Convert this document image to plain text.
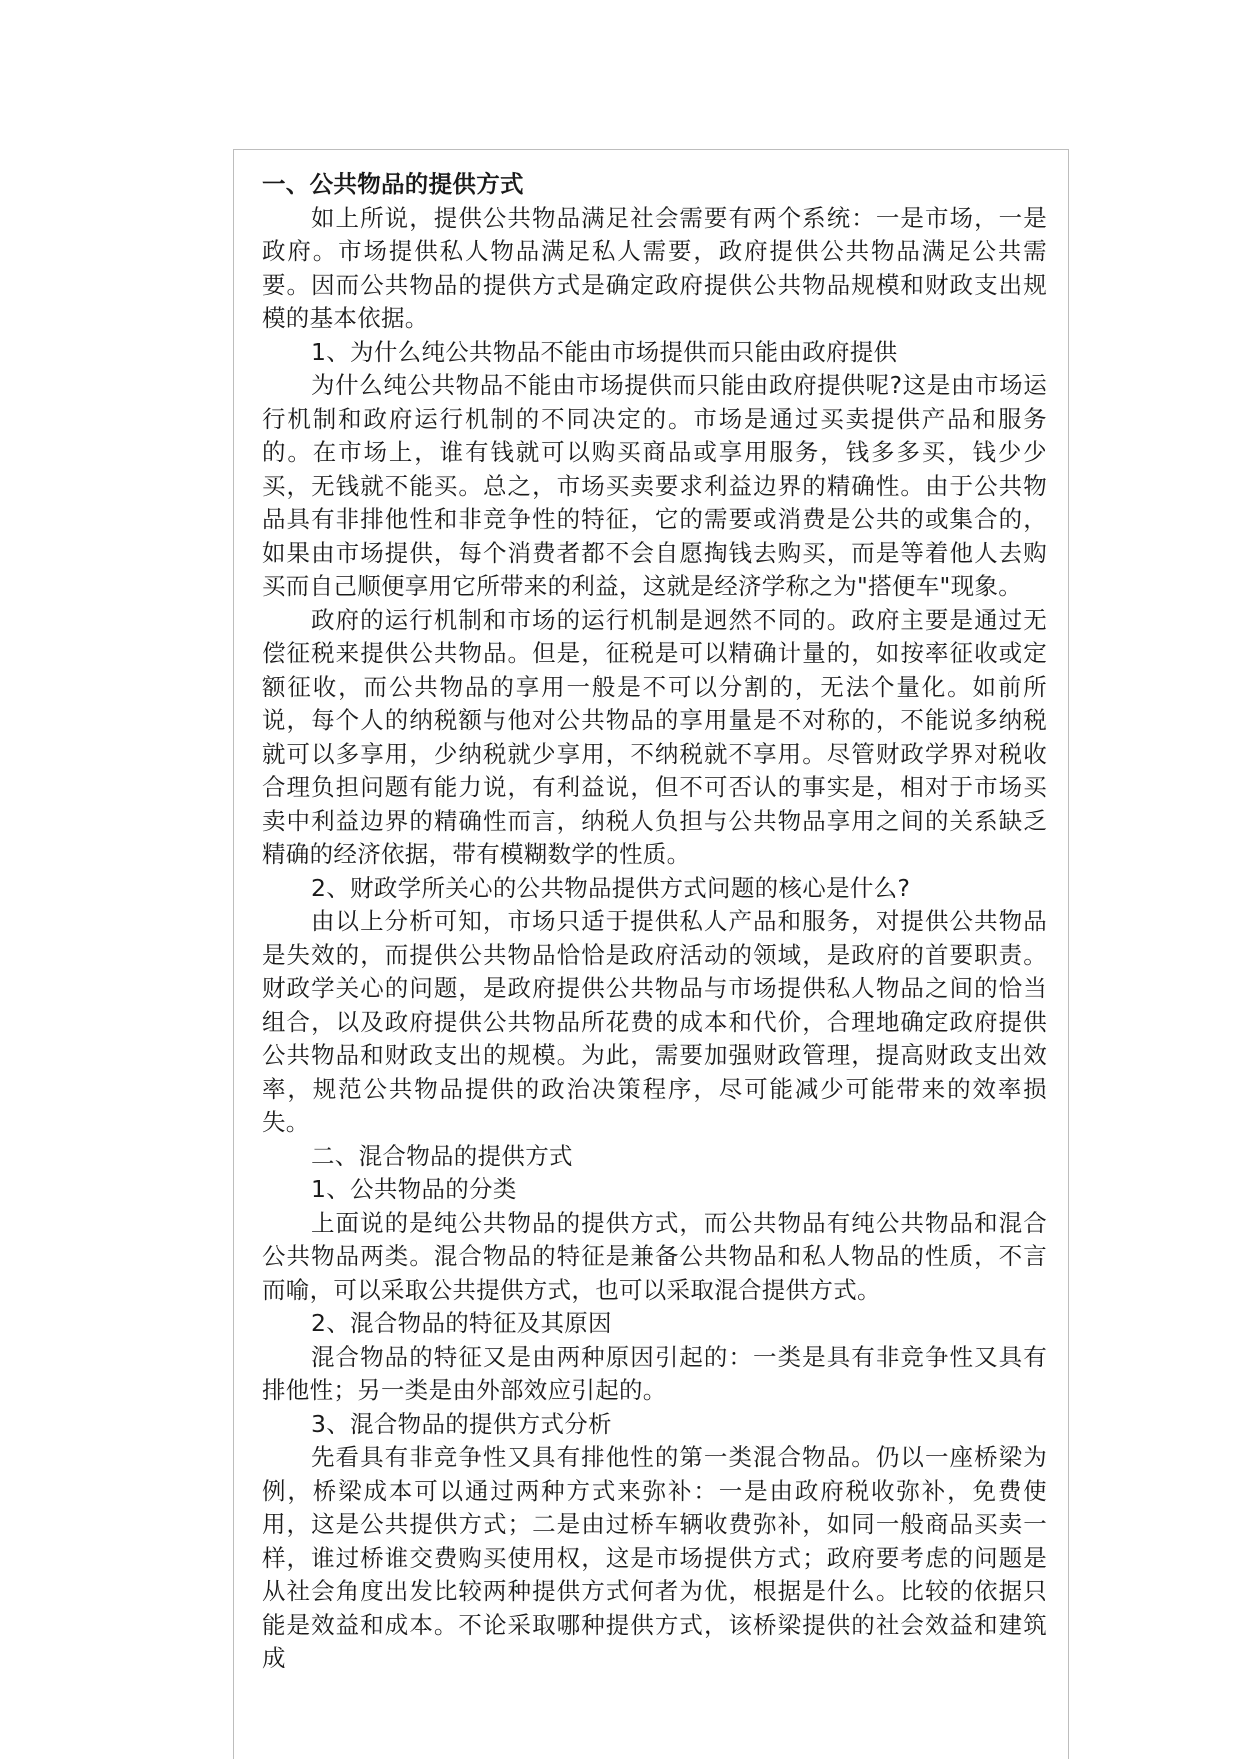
一、公共物品的提供方式

如上所说，提供公共物品满足社会需要有两个系统：一是市场，一是政府。市场提供私人物品满足私人需要，政府提供公共物品满足公共需要。因而公共物品的提供方式是确定政府提供公共物品规模和财政支出规模的基本依据。

1、为什么纯公共物品不能由市场提供而只能由政府提供

为什么纯公共物品不能由市场提供而只能由政府提供呢?这是由市场运行机制和政府运行机制的不同决定的。市场是通过买卖提供产品和服务的。在市场上，谁有钱就可以购买商品或享用服务，钱多多买，钱少少买，无钱就不能买。总之，市场买卖要求利益边界的精确性。由于公共物品具有非排他性和非竞争性的特征，它的需要或消费是公共的或集合的，如果由市场提供，每个消费者都不会自愿掏钱去购买，而是等着他人去购买而自己顺便享用它所带来的利益，这就是经济学称之为"搭便车"现象。

政府的运行机制和市场的运行机制是迥然不同的。政府主要是通过无偿征税来提供公共物品。但是，征税是可以精确计量的，如按率征收或定额征收，而公共物品的享用一般是不可以分割的，无法个量化。如前所说，每个人的纳税额与他对公共物品的享用量是不对称的，不能说多纳税就可以多享用，少纳税就少享用，不纳税就不享用。尽管财政学界对税收合理负担问题有能力说，有利益说，但不可否认的事实是，相对于市场买卖中利益边界的精确性而言，纳税人负担与公共物品享用之间的关系缺乏精确的经济依据，带有模糊数学的性质。

2、财政学所关心的公共物品提供方式问题的核心是什么?

由以上分析可知，市场只适于提供私人产品和服务，对提供公共物品是失效的，而提供公共物品恰恰是政府活动的领域，是政府的首要职责。财政学关心的问题，是政府提供公共物品与市场提供私人物品之间的恰当组合，以及政府提供公共物品所花费的成本和代价，合理地确定政府提供公共物品和财政支出的规模。为此，需要加强财政管理，提高财政支出效率，规范公共物品提供的政治决策程序，尽可能减少可能带来的效率损失。

二、混合物品的提供方式

1、公共物品的分类

上面说的是纯公共物品的提供方式，而公共物品有纯公共物品和混合公共物品两类。混合物品的特征是兼备公共物品和私人物品的性质，不言而喻，可以采取公共提供方式，也可以采取混合提供方式。

2、混合物品的特征及其原因

混合物品的特征又是由两种原因引起的：一类是具有非竞争性又具有排他性；另一类是由外部效应引起的。

3、混合物品的提供方式分析

先看具有非竞争性又具有排他性的第一类混合物品。仍以一座桥梁为例，桥梁成本可以通过两种方式来弥补：一是由政府税收弥补，免费使用，这是公共提供方式；二是由过桥车辆收费弥补，如同一般商品买卖一样，谁过桥谁交费购买使用权，这是市场提供方式；政府要考虑的问题是从社会角度出发比较两种提供方式何者为优，根据是什么。比较的依据只能是效益和成本。不论采取哪种提供方式，该桥梁提供的社会效益和建筑成
